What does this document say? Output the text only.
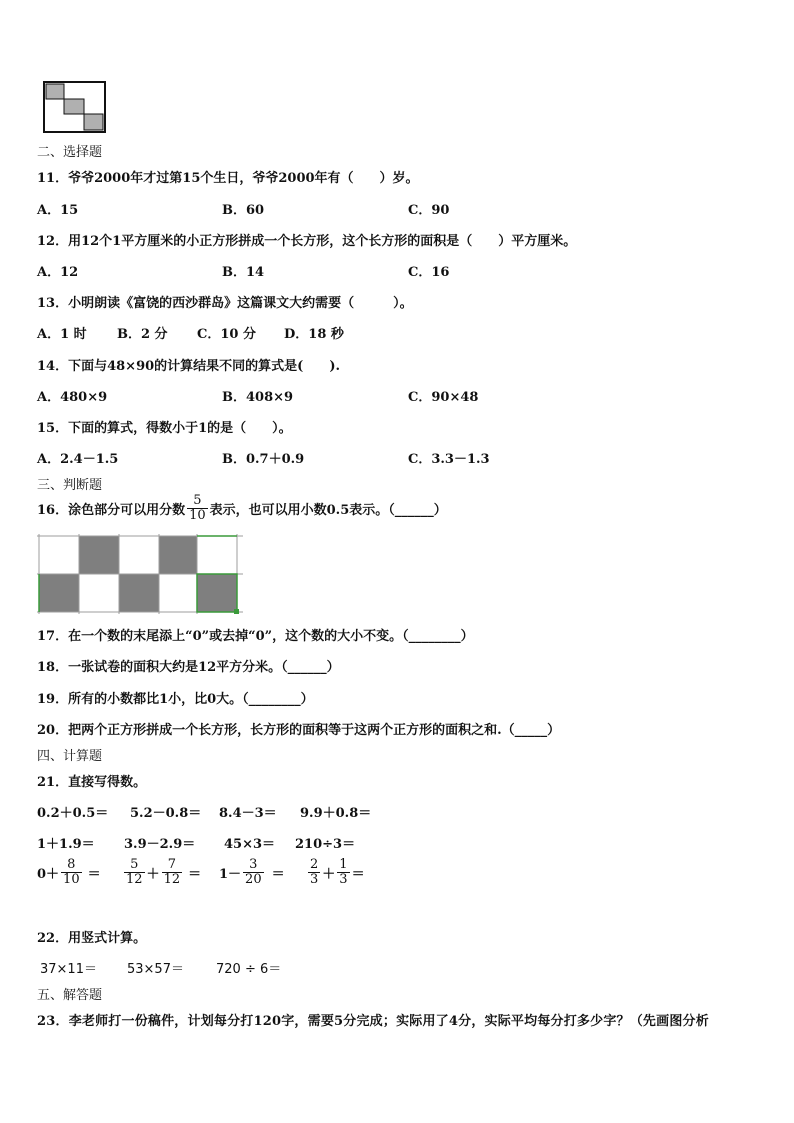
二、选择题
11．爷爷2000年才过第15个生日，爷爷2000年有（　　）岁。
A．15	B．60	C．90
12．用12个1平方厘米的小正方形拼成一个长方形，这个长方形的面积是（　　）平方厘米。
A．12	B．14	C．16
13．小明朗读《富饶的西沙群岛》这篇课文大约需要（　　　）。
A．1 时 B．2 分 C．10 分 D．18 秒
14．下面与48×90的计算结果不同的算式是(　　).
A．480×9	B．408×9	C．90×48
15．下面的算式，得数小于1的是（　　）。
A．2.4－1.5	B．0.7＋0.9	C．3.3－1.3
三、判断题
16．涂色部分可以用分数 $\frac{5}{10}$ 表示，也可以用小数0.5表示。（______）
17．在一个数的末尾添上“0”或去掉“0”，这个数的大小不变。（________）
18．一张试卷的面积大约是12平方分米。（______）
19．所有的小数都比1小，比0大。（________）
20．把两个正方形拼成一个长方形，长方形的面积等于这两个正方形的面积之和.（_____）
四、计算题
21．直接写得数。
0.2＋0.5＝ 5.2－0.8＝ 8.4－3＝ 9.9＋0.8＝
1＋1.9＝ 3.9－2.9＝ 45×3＝ 210÷3＝
$0+ \frac{8}{10} = \frac{5}{12} + \frac{7}{12} = 1- \frac{3}{20} = \frac{2}{3} + \frac{1}{3}$ ＝
22．用竖式计算。
37×11＝ 53×57＝ 720 ÷ 6＝
五、解答题
23．李老师打一份稿件，计划每分打120字，需要5分完成；实际用了4分，实际平均每分打多少字？（先画图分析
